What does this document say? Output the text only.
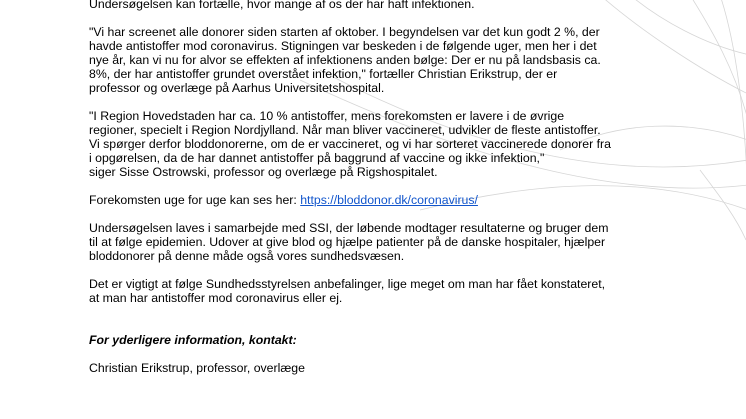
Undersøgelsen kan fortælle, hvor mange af os der har haft infektionen.

"Vi har screenet alle donorer siden starten af oktober. I begyndelsen var det kun godt 2 %, der

havde antistoffer mod coronavirus. Stigningen var beskeden i de følgende uger, men her i det

nye år, kan vi nu for alvor se effekten af infektionens anden bølge: Der er nu på landsbasis ca.

8%, der har antistoffer grundet overstået infektion," fortæller Christian Erikstrup, der er

professor og overlæge på Aarhus Universitetshospital.

"I Region Hovedstaden har ca. 10 % antistoffer, mens forekomsten er lavere i de øvrige

regioner, specielt i Region Nordjylland. Når man bliver vaccineret, udvikler de fleste antistoffer.

Vi spørger derfor bloddonorerne, om de er vaccineret, og vi har sorteret vaccinerede donorer fra

i opgørelsen, da de har dannet antistoffer på baggrund af vaccine og ikke infektion,"

siger Sisse Ostrowski, professor og overlæge på Rigshospitalet.

Forekomsten uge for uge kan ses her: https://bloddonor.dk/coronavirus/

Undersøgelsen laves i samarbejde med SSI, der løbende modtager resultaterne og bruger dem

til at følge epidemien. Udover at give blod og hjælpe patienter på de danske hospitaler, hjælper

bloddonorer på denne måde også vores sundhedsvæsen.

Det er vigtigt at følge Sundhedsstyrelsen anbefalinger, lige meget om man har fået konstateret,

at man har antistoffer mod coronavirus eller ej.

For yderligere information, kontakt:

Christian Erikstrup, professor, overlæge
